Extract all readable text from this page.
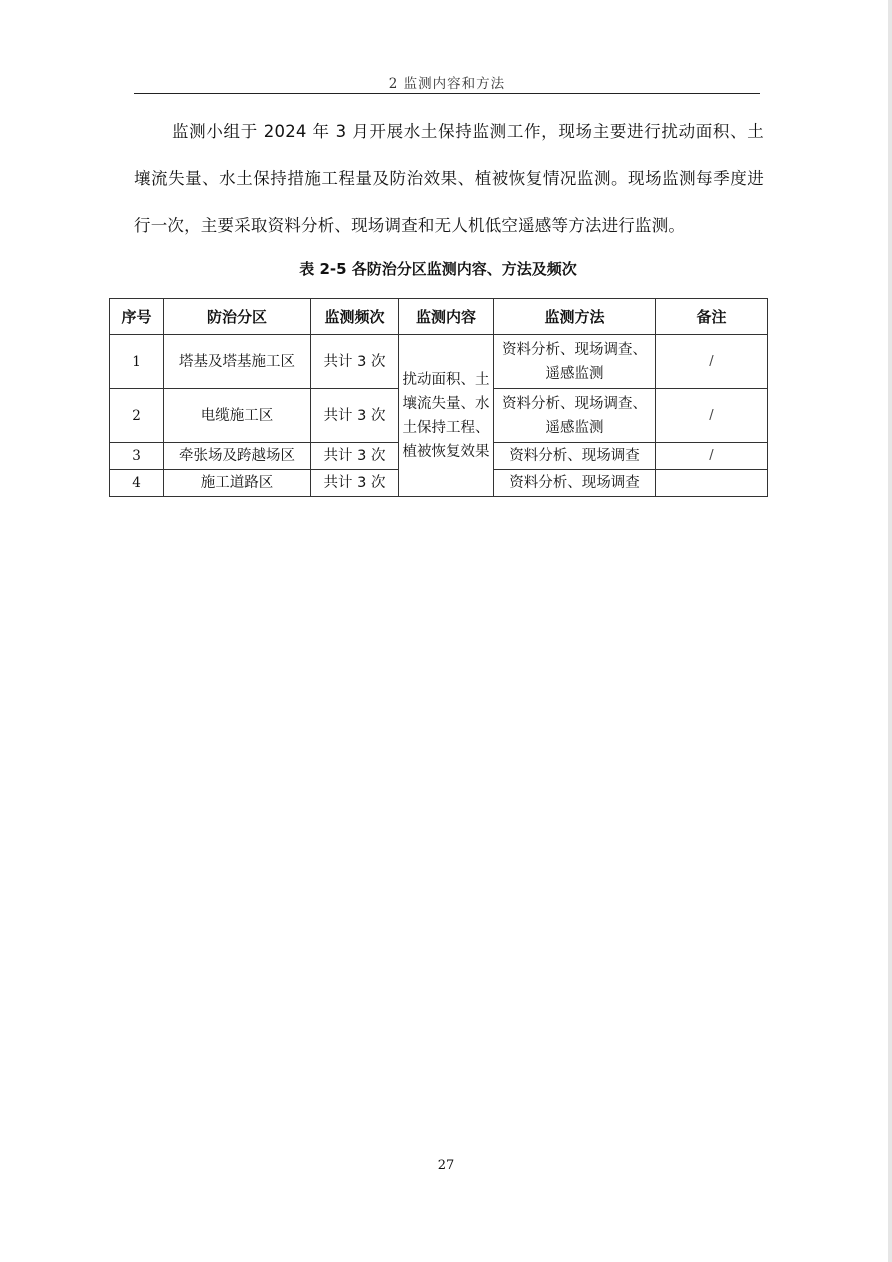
2 监测内容和方法
监测小组于 2024 年 3 月开展水土保持监测工作，现场主要进行扰动面积、土壤流失量、水土保持措施工程量及防治效果、植被恢复情况监测。现场监测每季度进行一次，主要采取资料分析、现场调查和无人机低空遥感等方法进行监测。
表 2-5 各防治分区监测内容、方法及频次
序号	防治分区	监测频次	监测内容	监测方法	备注
1	塔基及塔基施工区	共计 3 次	扰动面积、土壤流失量、水土保持工程、植被恢复效果	资料分析、现场调查、遥感监测	/
2	电缆施工区	共计 3 次		资料分析、现场调查、遥感监测	/
3	牵张场及跨越场区	共计 3 次		资料分析、现场调查	/
4	施工道路区	共计 3 次		资料分析、现场调查	
27
